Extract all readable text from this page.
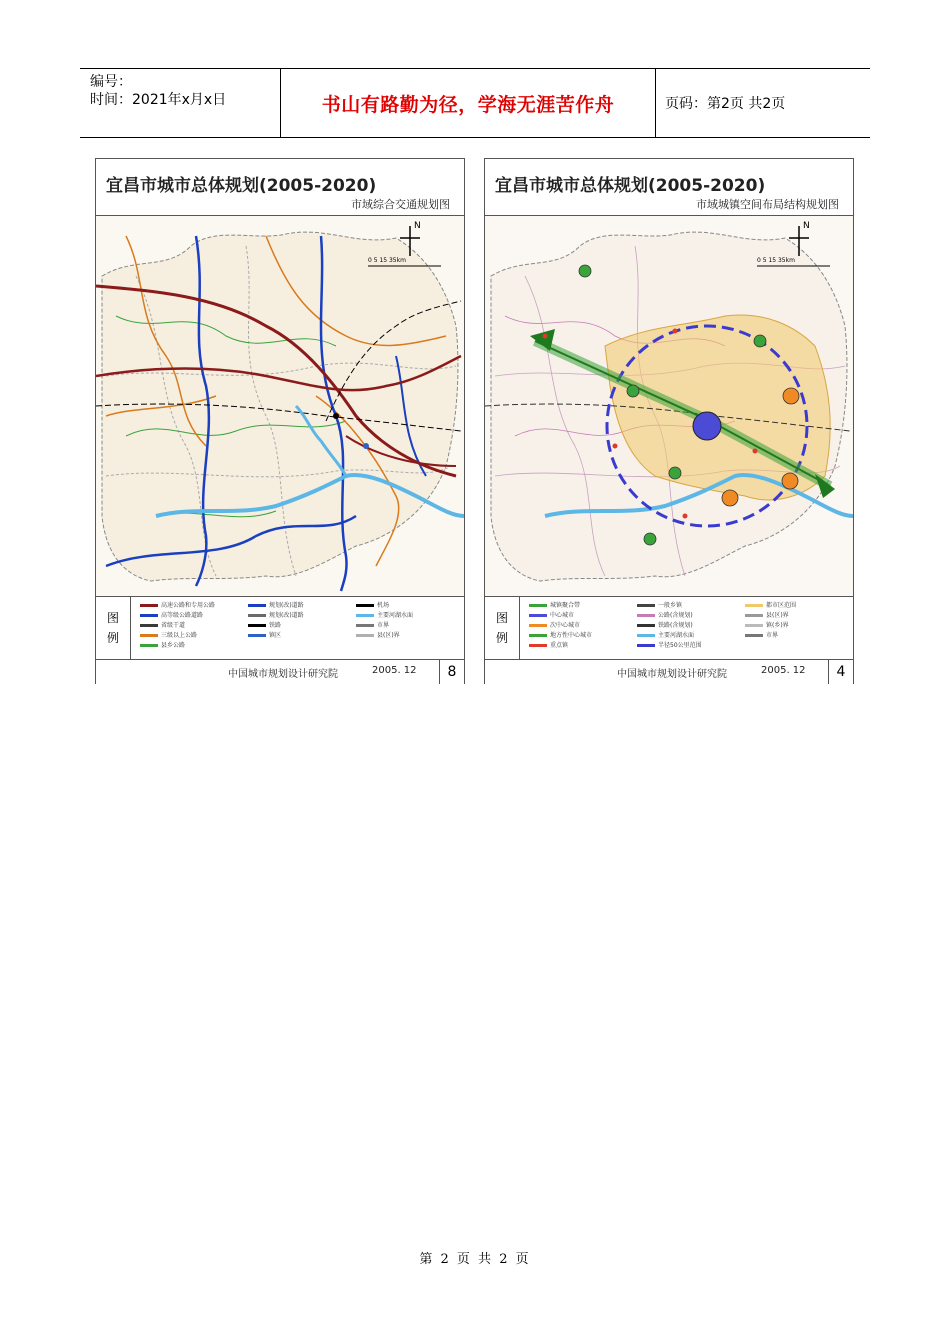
编号：
时间：2021年x月x日	书山有路勤为径，学海无涯苦作舟	页码：第2页 共2页
宜昌市城市总体规划(2005-2020)
市域综合交通规划图
N
0 5 15 35km
图
例
高速公路和专用公路	规划(改)道路	机场
高等级公路道路	规划(改)道路	主要河湖水面
省级干道	铁路	市界
三级以上公路	镇区	县(区)界
县乡公路
中国城市规划设计研究院	2005. 12	8
宜昌市城市总体规划(2005-2020)
市域城镇空间布局结构规划图
N
0 5 15 35km
图
例
城镇聚合带	一般乡镇	都市区范围
中心城市	公路(含规划)	县(区)界
次中心城市	铁路(含规划)	镇(乡)界
地方性中心城市	主要河湖水面	市界
重点镇	半径50公里范围
中国城市规划设计研究院	2005. 12	4
第 2 页 共 2 页
